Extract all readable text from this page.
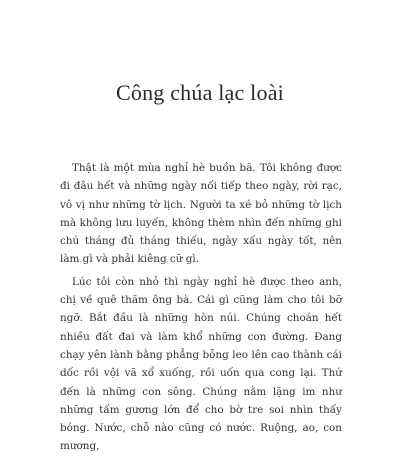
Công chúa lạc loài

Thật là một mùa nghỉ hè buồn bã. Tôi không được đi đâu hết và những ngày nối tiếp theo ngày, rời rạc, vô vị như những tờ lịch. Người ta xé bỏ những tờ lịch mà không lưu luyến, không thèm nhìn đến những ghi chú tháng đủ tháng thiếu, ngày xấu ngày tốt, nên làm gì và phải kiêng cữ gì.

Lúc tôi còn nhỏ thì ngày nghỉ hè được theo anh, chị về quê thăm ông bà. Cái gì cũng làm cho tôi bỡ ngỡ. Bắt đầu là những hòn núi. Chúng choán hết nhiều đất đai và làm khổ những con đường. Đang chạy yên lành bằng phẳng bỗng leo lên cao thành cái dốc rồi vội vã xổ xuống, rồi uốn qua cong lại. Thứ đến là những con sông. Chúng nằm lặng im như những tấm gương lớn để cho bờ tre soi nhìn thấy bóng. Nước, chỗ nào cũng có nước. Ruộng, ao, con mương,
